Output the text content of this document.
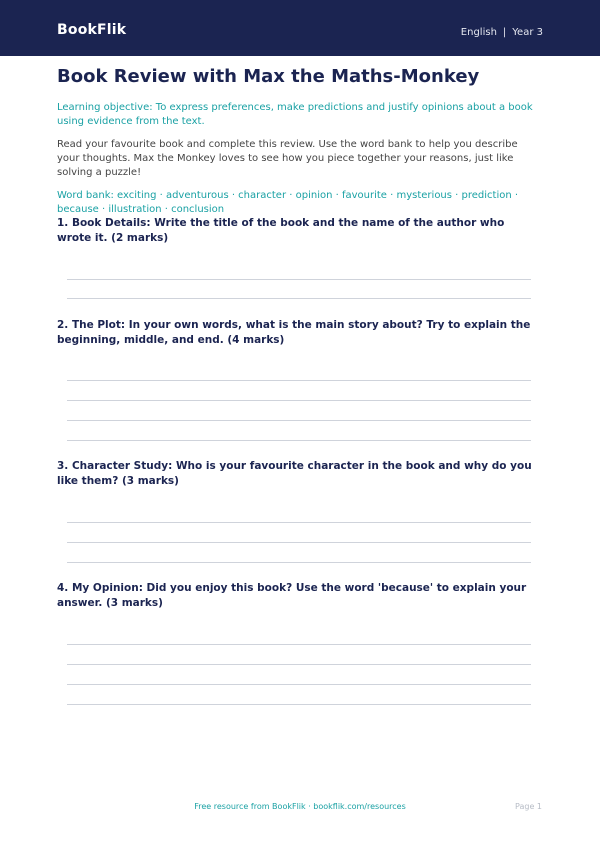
BookFlik	English | Year 3
Book Review with Max the Maths-Monkey
Learning objective: To express preferences, make predictions and justify opinions about a book using evidence from the text.
Read your favourite book and complete this review. Use the word bank to help you describe your thoughts. Max the Monkey loves to see how you piece together your reasons, just like solving a puzzle!
Word bank: exciting · adventurous · character · opinion · favourite · mysterious · prediction · because · illustration · conclusion
1. Book Details: Write the title of the book and the name of the author who wrote it. (2 marks)
2. The Plot: In your own words, what is the main story about? Try to explain the beginning, middle, and end. (4 marks)
3. Character Study: Who is your favourite character in the book and why do you like them? (3 marks)
4. My Opinion: Did you enjoy this book? Use the word 'because' to explain your answer. (3 marks)
Free resource from BookFlik · bookflik.com/resources	Page 1
